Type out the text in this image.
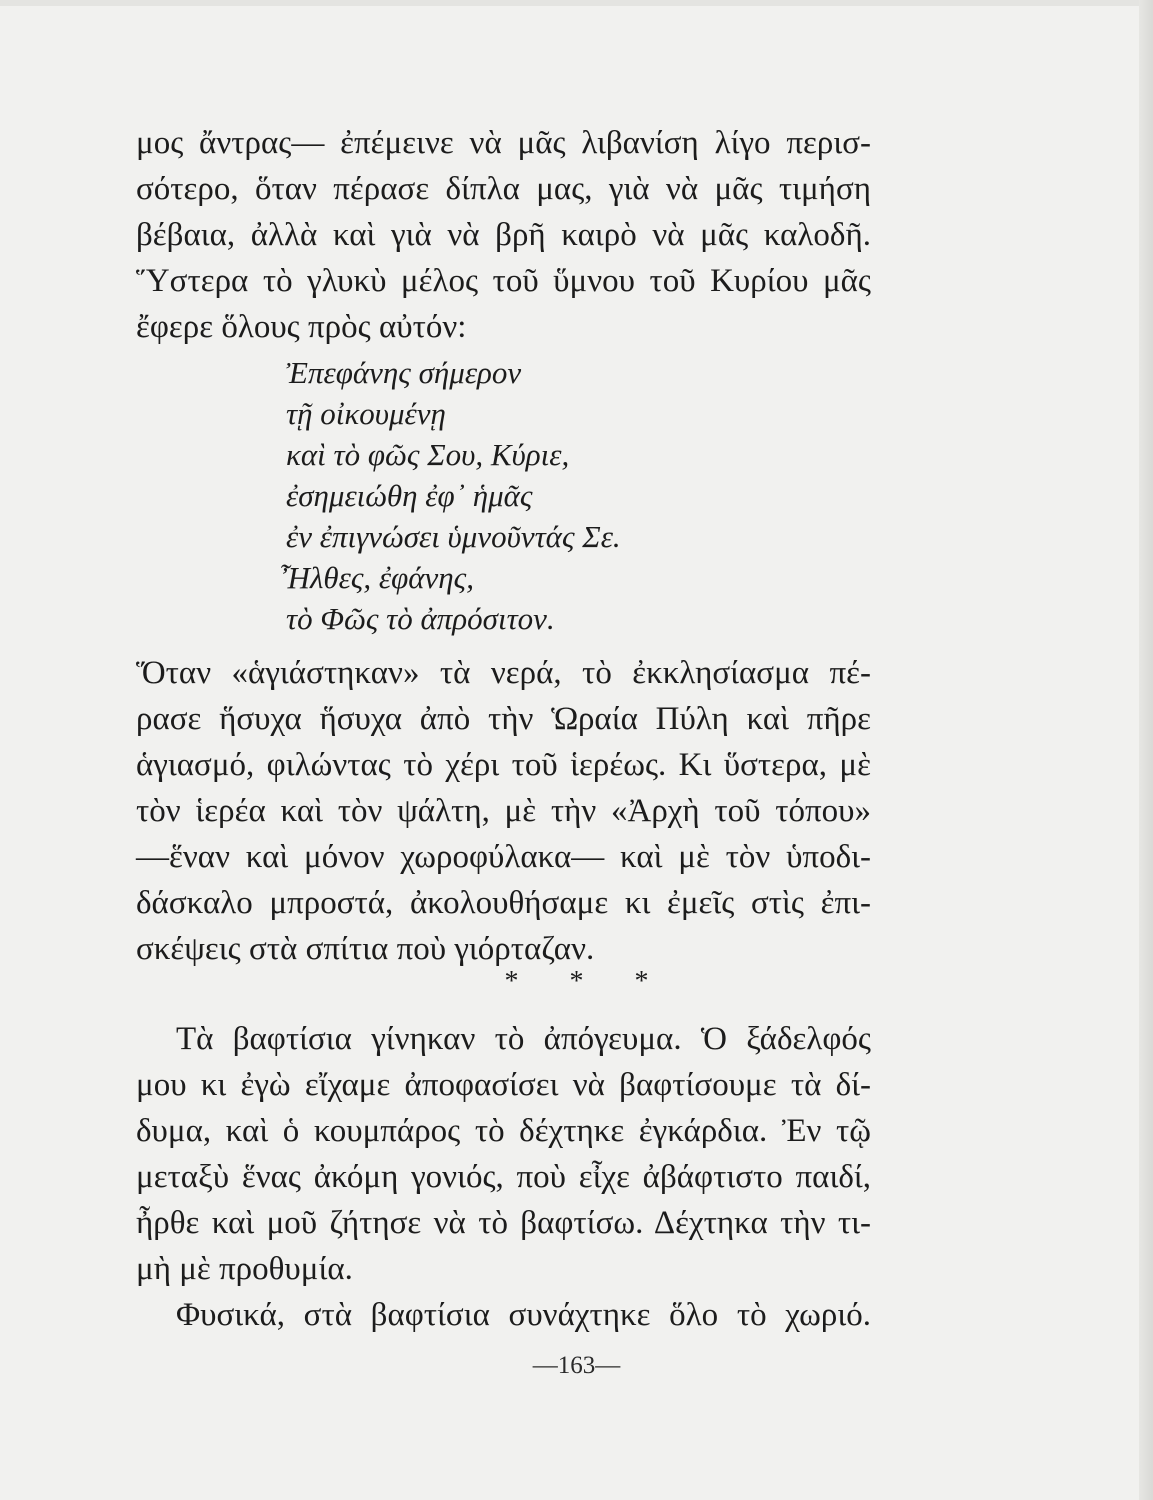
μος ἄντρας— ἐπέμεινε νὰ μᾶς λιβανίση λίγο περισ-
σότερο, ὅταν πέρασε δίπλα μας, γιὰ νὰ μᾶς τιμήση
βέβαια, ἀλλὰ καὶ γιὰ νὰ βρῆ καιρὸ νὰ μᾶς καλοδῆ.
Ὕστερα τὸ γλυκὺ μέλος τοῦ ὕμνου τοῦ Κυρίου μᾶς
ἔφερε ὅλους πρὸς αὐτόν:
Ἐπεφάνης σήμερον
τῇ οἰκουμένῃ
καὶ τὸ φῶς Σου, Κύριε,
ἐσημειώθη ἐφ᾽ ἡμᾶς
ἐν ἐπιγνώσει ὑμνοῦντάς Σε.
Ἦλθες, ἐφάνης,
τὸ Φῶς τὸ ἀπρόσιτον.
Ὅταν «ἁγιάστηκαν» τὰ νερά, τὸ ἐκκλησίασμα πέ-
ρασε ἥσυχα ἥσυχα ἀπὸ τὴν Ὡραία Πύλη καὶ πῆρε
ἁγιασμό, φιλώντας τὸ χέρι τοῦ ἱερέως. Κι ὕστερα, μὲ
τὸν ἱερέα καὶ τὸν ψάλτη, μὲ τὴν «Ἀρχὴ τοῦ τόπου»
—ἕναν καὶ μόνον χωροφύλακα— καὶ μὲ τὸν ὑποδι-
δάσκαλο μπροστά, ἀκολουθήσαμε κι ἐμεῖς στὶς ἐπι-
σκέψεις στὰ σπίτια ποὺ γιόρταζαν.
* * *
Τὰ βαφτίσια γίνηκαν τὸ ἀπόγευμα. Ὁ ξάδελφός
μου κι ἐγὼ εἴχαμε ἀποφασίσει νὰ βαφτίσουμε τὰ δί-
δυμα, καὶ ὁ κουμπάρος τὸ δέχτηκε ἐγκάρδια. Ἐν τῷ
μεταξὺ ἕνας ἀκόμη γονιός, ποὺ εἶχε ἀβάφτιστο παιδί,
ἦρθε καὶ μοῦ ζήτησε νὰ τὸ βαφτίσω. Δέχτηκα τὴν τι-
μὴ μὲ προθυμία.
Φυσικά, στὰ βαφτίσια συνάχτηκε ὅλο τὸ χωριό.
—163—
